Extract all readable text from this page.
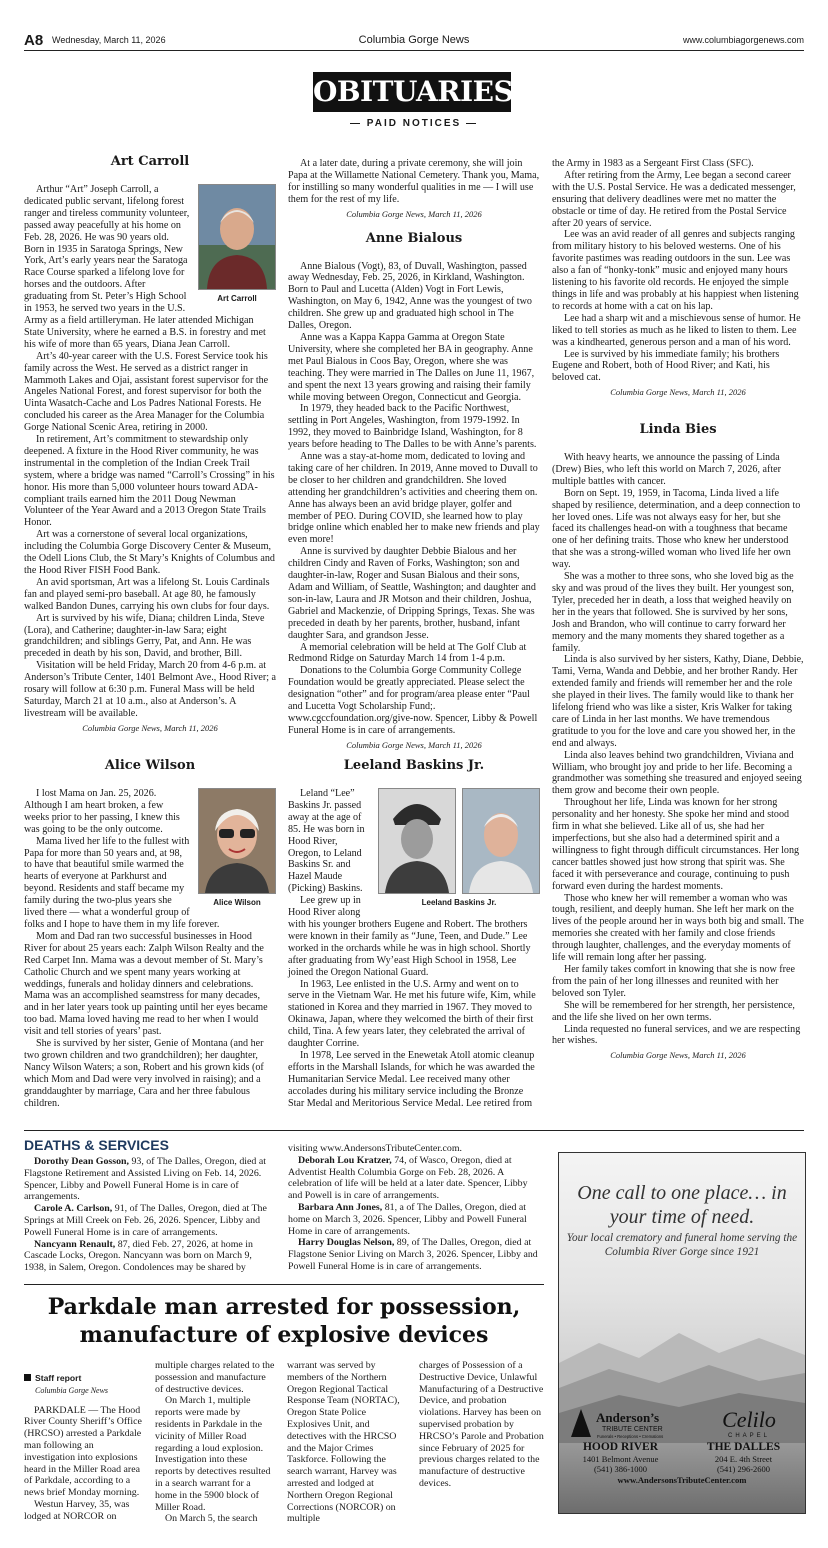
A8 Wednesday, March 11, 2026	Columbia Gorge News	www.columbiagorgenews.com
OBITUARIES
— PAID NOTICES —
Art Carroll
Art Carroll

Arthur “Art” Joseph Carroll, a dedicated public servant, lifelong forest ranger and tireless community volunteer, passed away peacefully at his home on Feb. 28, 2026. He was 90 years old. Born in 1935 in Saratoga Springs, New York, Art’s early years near the Saratoga Race Course sparked a lifelong love for horses and the outdoors. After graduating from St. Peter’s High School in 1953, he served two years in the U.S. Army as a field artilleryman. He later attended Michigan State University, where he earned a B.S. in forestry and met his wife of more than 65 years, Diana Jean Carroll.

Art’s 40-year career with the U.S. Forest Service took his family across the West. He served as a district ranger in Mammoth Lakes and Ojai, assistant forest supervisor for the Angeles National Forest, and forest supervisor for both the Uinta Wasatch-Cache and Los Padres National Forests. He concluded his career as the Area Manager for the Columbia Gorge National Scenic Area, retiring in 2000.

In retirement, Art’s commitment to stewardship only deepened. A fixture in the Hood River community, he was instrumental in the completion of the Indian Creek Trail system, where a bridge was named “Carroll’s Crossing” in his honor. His more than 5,000 volunteer hours toward ADA-compliant trails earned him the 2011 Doug Newman Volunteer of the Year Award and a 2013 Oregon State Trails Honor.

Art was a cornerstone of several local organizations, including the Columbia Gorge Discovery Center & Museum, the Odell Lions Club, the St Mary’s Knights of Columbus and the Hood River FISH Food Bank.

An avid sportsman, Art was a lifelong St. Louis Cardinals fan and played semi-pro baseball. At age 80, he famously walked Bandon Dunes, carrying his own clubs for four days.

Art is survived by his wife, Diana; children Linda, Steve (Lora), and Catherine; daughter-in-law Sara; eight grandchildren; and siblings Gerry, Pat, and Ann. He was preceded in death by his son, David, and brother, Bill.

Visitation will be held Friday, March 20 from 4-6 p.m. at Anderson’s Tribute Center, 1401 Belmont Ave., Hood River; a rosary will follow at 6:30 p.m. Funeral Mass will be held Saturday, March 21 at 10 a.m., also at Anderson’s. A livestream will be available.

Columbia Gorge News, March 11, 2026

Alice Wilson
Alice Wilson

I lost Mama on Jan. 25, 2026. Although I am heart broken, a few weeks prior to her passing, I knew this was going to be the only outcome.

Mama lived her life to the fullest with Papa for more than 50 years and, at 98, to have that beautiful smile warmed the hearts of everyone at Parkhurst and beyond. Residents and staff became my family during the two-plus years she lived there — what a wonderful group of folks and I hope to have them in my life forever.

Mom and Dad ran two successful businesses in Hood River for about 25 years each: Zalph Wilson Realty and the Red Carpet Inn. Mama was a devout member of St. Mary’s Catholic Church and we spent many years working at weddings, funerals and holiday dinners and celebrations. Mama was an accomplished seamstress for many decades, and in her later years took up painting until her eyes became too bad. Mama loved having me read to her when I would visit and tell stories of years’ past.

She is survived by her sister, Genie of Montana (and her two grown children and two grandchildren); her daughter, Nancy Wilson Waters; a son, Robert and his grown kids (of which Mom and Dad were very involved in raising); and a granddaughter by marriage, Cara and her three fabulous children.

At a later date, during a private ceremony, she will join Papa at the Willamette National Cemetery. Thank you, Mama, for instilling so many wonderful qualities in me — I will use them for the rest of my life.

Columbia Gorge News, March 11, 2026

Anne Bialous

Anne Bialous (Vogt), 83, of Duvall, Washington, passed away Wednesday, Feb. 25, 2026, in Kirkland, Washington. Born to Paul and Lucetta (Alden) Vogt in Fort Lewis, Washington, on May 6, 1942, Anne was the youngest of two children. She grew up and graduated high school in The Dalles, Oregon.

Anne was a Kappa Kappa Gamma at Oregon State University, where she completed her BA in geography. Anne met Paul Bialous in Coos Bay, Oregon, where she was teaching. They were married in The Dalles on June 11, 1967, and spent the next 13 years growing and raising their family while moving between Oregon, Connecticut and Georgia.

In 1979, they headed back to the Pacific Northwest, settling in Port Angeles, Washington, from 1979-1992. In 1992, they moved to Bainbridge Island, Washington, for 8 years before heading to The Dalles to be with Anne’s parents.

Anne was a stay-at-home mom, dedicated to loving and taking care of her children. In 2019, Anne moved to Duvall to be closer to her children and grandchildren. She loved attending her grandchildren’s activities and cheering them on. Anne has always been an avid bridge player, golfer and member of PEO. During COVID, she learned how to play bridge online which enabled her to make new friends and play even more!

Anne is survived by daughter Debbie Bialous and her children Cindy and Raven of Forks, Washington; son and daughter-in-law, Roger and Susan Bialous and their sons, Adam and William, of Seattle, Washington; and daughter and son-in-law, Laura and JR Motson and their children, Joshua, Gabriel and Mackenzie, of Dripping Springs, Texas. She was preceded in death by her parents, brother, husband, infant daughter Sara, and grandson Jesse.

A memorial celebration will be held at The Golf Club at Redmond Ridge on Saturday March 14 from 1-4 p.m.

Donations to the Columbia Gorge Community College Foundation would be greatly appreciated. Please select the designation “other” and for program/area please enter “Paul and Lucetta Vogt Scholarship Fund;. www.cgccfoundation.org/give-now. Spencer, Libby & Powell Funeral Home is in care of arrangements.

Columbia Gorge News, March 11, 2026

Leeland Baskins Jr.
Leeland Baskins Jr.

Leland “Lee” Baskins Jr. passed away at the age of 85. He was born in Hood River, Oregon, to Leland Baskins Sr. and Hazel Maude (Picking) Baskins.

Lee grew up in Hood River along with his younger brothers Eugene and Robert. The brothers were known in their family as “June, Teen, and Dude.” Lee worked in the orchards while he was in high school. Shortly after graduating from Wy’east High School in 1958, Lee joined the Oregon National Guard.

In 1963, Lee enlisted in the U.S. Army and went on to serve in the Vietnam War. He met his future wife, Kim, while stationed in Korea and they married in 1967. They moved to Okinawa, Japan, where they welcomed the birth of their first child, Tina. A few years later, they celebrated the arrival of daughter Corrine.

In 1978, Lee served in the Enewetak Atoll atomic cleanup efforts in the Marshall Islands, for which he was awarded the Humanitarian Service Medal. Lee received many other accolades during his military service including the Bronze Star Medal and Meritorious Service Medal. Lee retired from

the Army in 1983 as a Sergeant First Class (SFC).

After retiring from the Army, Lee began a second career with the U.S. Postal Service. He was a dedicated messenger, ensuring that delivery deadlines were met no matter the obstacle or time of day. He retired from the Postal Service after 20 years of service.

Lee was an avid reader of all genres and subjects ranging from military history to his beloved westerns. One of his favorite pastimes was reading outdoors in the sun. Lee was also a fan of “honky-tonk” music and enjoyed many hours listening to his favorite old records. He enjoyed the simple things in life and was probably at his happiest when listening to records at home with a cat on his lap.

Lee had a sharp wit and a mischievous sense of humor. He liked to tell stories as much as he liked to listen to them. Lee was a kindhearted, generous person and a man of his word.

Lee is survived by his immediate family; his brothers Eugene and Robert, both of Hood River; and Kati, his beloved cat.

Columbia Gorge News, March 11, 2026

Linda Bies

With heavy hearts, we announce the passing of Linda (Drew) Bies, who left this world on March 7, 2026, after multiple battles with cancer.

Born on Sept. 19, 1959, in Tacoma, Linda lived a life shaped by resilience, determination, and a deep connection to her loved ones. Life was not always easy for her, but she faced its challenges head-on with a toughness that became one of her defining traits. Those who knew her understood that she was a strong-willed woman who lived life her own way.

She was a mother to three sons, who she loved big as the sky and was proud of the lives they built. Her youngest son, Tyler, preceded her in death, a loss that weighed heavily on her in the years that followed. She is survived by her sons, Josh and Brandon, who will continue to carry forward her memory and the many moments they shared together as a family.

Linda is also survived by her sisters, Kathy, Diane, Debbie, Tami, Verna, Wanda and Debbie, and her brother Randy. Her extended family and friends will remember her and the role she played in their lives. The family would like to thank her lifelong friend who was like a sister, Kris Walker for taking care of Linda in her last months. We have tremendous gratitude to you for the love and care you showed her, in the end and always.

Linda also leaves behind two grandchildren, Viviana and William, who brought joy and pride to her life. Becoming a grandmother was something she treasured and enjoyed seeing them grow and become their own people.

Throughout her life, Linda was known for her strong personality and her honesty. She spoke her mind and stood firm in what she believed. Like all of us, she had her imperfections, but she also had a determined spirit and a willingness to fight through difficult circumstances. Her long cancer battles showed just how strong that spirit was. She faced it with perseverance and courage, continuing to push forward even during the hardest moments.

Those who knew her will remember a woman who was tough, resilient, and deeply human. She left her mark on the lives of the people around her in ways both big and small. The memories she created with her family and close friends through laughter, challenges, and the everyday moments of life will remain long after her passing.

Her family takes comfort in knowing that she is now free from the pain of her long illnesses and reunited with her beloved son Tyler.

She will be remembered for her strength, her persistence, and the life she lived on her own terms.

Linda requested no funeral services, and we are respecting her wishes.

Columbia Gorge News, March 11, 2026

DEATHS & SERVICES

Dorothy Dean Gosson, 93, of The Dalles, Oregon, died at Flagstone Retirement and Assisted Living on Feb. 14, 2026. Spencer, Libby and Powell Funeral Home is in care of arrangements.

Carole A. Carlson, 91, of The Dalles, Oregon, died at The Springs at Mill Creek on Feb. 26, 2026. Spencer, Libby and Powell Funeral Home is in care of arrangements.

Nancyann Renault, 87, died Feb. 27, 2026, at home in Cascade Locks, Oregon. Nancyann was born on March 9, 1938, in Salem, Oregon. Condolences may be shared by

visiting www.AndersonsTributeCenter.com.

Deborah Lou Kratzer, 74, of Wasco, Oregon, died at Adventist Health Columbia Gorge on Feb. 28, 2026. A celebration of life will be held at a later date. Spencer, Libby and Powell is in care of arrangements.

Barbara Ann Jones, 81, a of The Dalles, Oregon, died at home on March 3, 2026. Spencer, Libby and Powell Funeral Home in care of arrangements.

Harry Douglas Nelson, 89, of The Dalles, Oregon, died at Flagstone Senior Living on March 3, 2026. Spencer, Libby and Powell Funeral Home is in care of arrangements.

One call to one place… in your time of need.
Your local crematory and funeral home serving the Columbia River Gorge since 1921
Anderson’s
TRIBUTE CENTER
Funerals • Receptions • Cremations
Celilo
CHAPEL
HOOD RIVER
1401 Belmont Avenue
(541) 386-1000
THE DALLES
204 E. 4th Street
(541) 296-2600
www.AndersonsTributeCenter.com
Parkdale man arrested for possession, manufacture of explosive devices
Staff report
Columbia Gorge News

PARKDALE — The Hood River County Sheriff’s Office (HRCSO) arrested a Parkdale man following an investigation into explosions heard in the Miller Road area of Parkdale, according to a news brief Monday morning.

Westun Harvey, 35, was lodged at NORCOR on

multiple charges related to the possession and manufacture of destructive devices.

On March 1, multiple reports were made by residents in Parkdale in the vicinity of Miller Road regarding a loud explosion. Investigation into these reports by detectives resulted in a search warrant for a home in the 5900 block of Miller Road.

On March 5, the search

warrant was served by members of the Northern Oregon Regional Tactical Response Team (NORTAC), Oregon State Police Explosives Unit, and detectives with the HRCSO and the Major Crimes Taskforce. Following the search warrant, Harvey was arrested and lodged at Northern Oregon Regional Corrections (NORCOR) on multiple

charges of Possession of a Destructive Device, Unlawful Manufacturing of a Destructive Device, and probation violations. Harvey has been on supervised probation by HRCSO’s Parole and Probation since February of 2025 for previous charges related to the manufacture of destructive devices.
